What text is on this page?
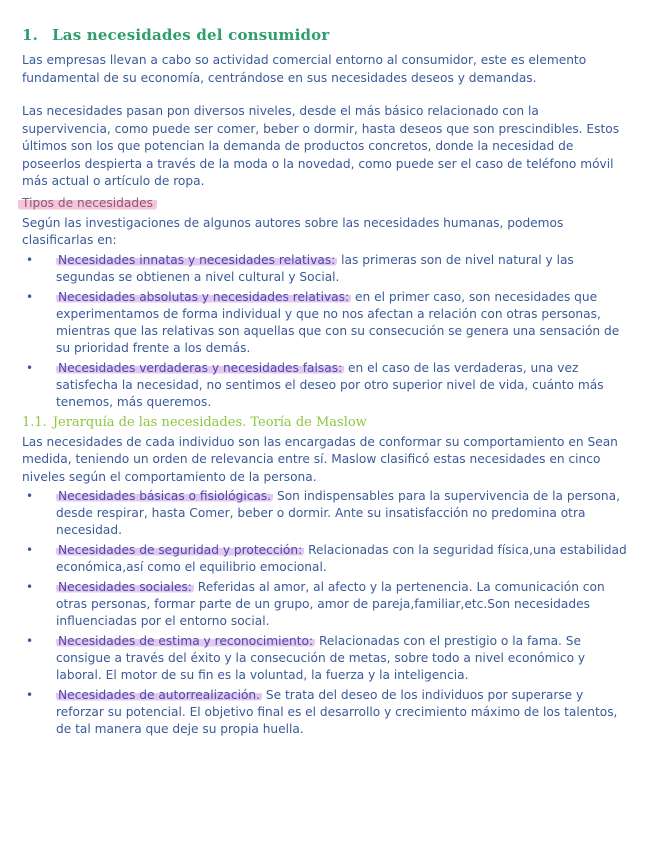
1. Las necesidades del consumidor

Las empresas llevan a cabo so actividad comercial entorno al consumidor, este es elemento fundamental de su economía, centrándose en sus necesidades deseos y demandas.

Las necesidades pasan pon diversos niveles, desde el más básico relacionado con la supervivencia, como puede ser comer, beber o dormir, hasta deseos que son prescindibles. Estos últimos son los que potencian la demanda de productos concretos, donde la necesidad de poseerlos despierta a través de la moda o la novedad, como puede ser el caso de teléfono móvil más actual o artículo de ropa.

Tipos de necesidades

Según las investigaciones de algunos autores sobre las necesidades humanas, podemos clasificarlas en:

• Necesidades innatas y necesidades relativas: las primeras son de nivel natural y las segundas se obtienen a nivel cultural y Social.
• Necesidades absolutas y necesidades relativas: en el primer caso, son necesidades que experimentamos de forma individual y que no nos afectan a relación con otras personas, mientras que las relativas son aquellas que con su consecución se genera una sensación de su prioridad frente a los demás.
• Necesidades verdaderas y necesidades falsas: en el caso de las verdaderas, una vez satisfecha la necesidad, no sentimos el deseo por otro superior nivel de vida, cuánto más tenemos, más queremos.
1.1. Jerarquía de las necesidades. Teoría de Maslow

Las necesidades de cada individuo son las encargadas de conformar su comportamiento en Sean medida, teniendo un orden de relevancia entre sí. Maslow clasificó estas necesidades en cinco niveles según el comportamiento de la persona.

• Necesidades básicas o fisiológicas. Son indispensables para la supervivencia de la persona, desde respirar, hasta Comer, beber o dormir. Ante su insatisfacción no predomina otra necesidad.
• Necesidades de seguridad y protección: Relacionadas con la seguridad física,una estabilidad económica,así como el equilibrio emocional.
• Necesidades sociales: Referidas al amor, al afecto y la pertenencia. La comunicación con otras personas, formar parte de un grupo, amor de pareja,familiar,etc.Son necesidades influenciadas por el entorno social.
• Necesidades de estima y reconocimiento: Relacionadas con el prestigio o la fama. Se consigue a través del éxito y la consecución de metas, sobre todo a nivel económico y laboral. El motor de su fin es la voluntad, la fuerza y la inteligencia.
• Necesidades de autorrealización. Se trata del deseo de los individuos por superarse y reforzar su potencial. El objetivo final es el desarrollo y crecimiento máximo de los talentos, de tal manera que deje su propia huella.
